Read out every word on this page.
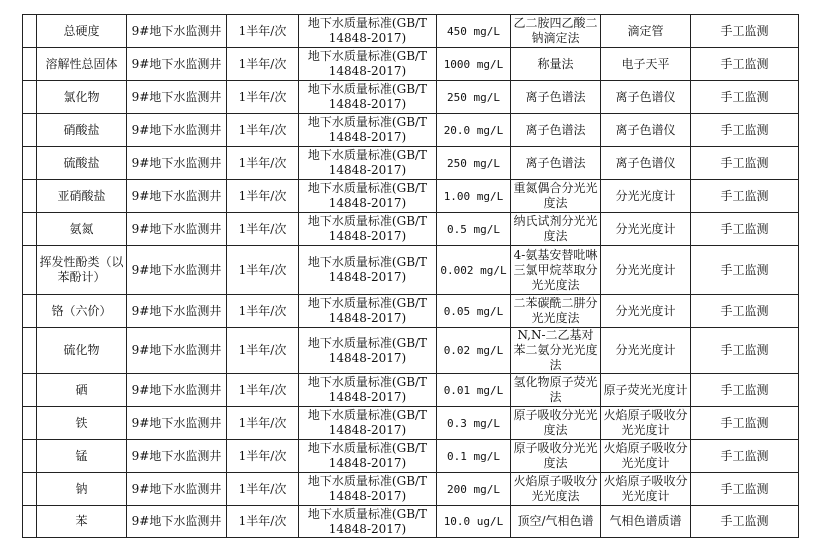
	总硬度	9#地下水监测井	1半年/次	地下水质量标准(GB/T 14848-2017)	450 mg/L	乙二胺四乙酸二钠滴定法	滴定管	手工监测
	溶解性总固体	9#地下水监测井	1半年/次	地下水质量标准(GB/T 14848-2017)	1000 mg/L	称量法	电子天平	手工监测
	氯化物	9#地下水监测井	1半年/次	地下水质量标准(GB/T 14848-2017)	250 mg/L	离子色谱法	离子色谱仪	手工监测
	硝酸盐	9#地下水监测井	1半年/次	地下水质量标准(GB/T 14848-2017)	20.0 mg/L	离子色谱法	离子色谱仪	手工监测
	硫酸盐	9#地下水监测井	1半年/次	地下水质量标准(GB/T 14848-2017)	250 mg/L	离子色谱法	离子色谱仪	手工监测
	亚硝酸盐	9#地下水监测井	1半年/次	地下水质量标准(GB/T 14848-2017)	1.00 mg/L	重氮偶合分光光度法	分光光度计	手工监测
	氨氮	9#地下水监测井	1半年/次	地下水质量标准(GB/T 14848-2017)	0.5 mg/L	纳氏试剂分光光度法	分光光度计	手工监测
	挥发性酚类（以苯酚计）	9#地下水监测井	1半年/次	地下水质量标准(GB/T 14848-2017)	0.002 mg/L	4-氨基安替吡啉三氯甲烷萃取分光光度法	分光光度计	手工监测
	铬（六价）	9#地下水监测井	1半年/次	地下水质量标准(GB/T 14848-2017)	0.05 mg/L	二苯碳酰二肼分光光度法	分光光度计	手工监测
	硫化物	9#地下水监测井	1半年/次	地下水质量标准(GB/T 14848-2017)	0.02 mg/L	N,N-二乙基对苯二氨分光光度法	分光光度计	手工监测
	硒	9#地下水监测井	1半年/次	地下水质量标准(GB/T 14848-2017)	0.01 mg/L	氢化物原子荧光法	原子荧光光度计	手工监测
	铁	9#地下水监测井	1半年/次	地下水质量标准(GB/T 14848-2017)	0.3 mg/L	原子吸收分光光度法	火焰原子吸收分光光度计	手工监测
	锰	9#地下水监测井	1半年/次	地下水质量标准(GB/T 14848-2017)	0.1 mg/L	原子吸收分光光度法	火焰原子吸收分光光度计	手工监测
	钠	9#地下水监测井	1半年/次	地下水质量标准(GB/T 14848-2017)	200 mg/L	火焰原子吸收分光光度法	火焰原子吸收分光光度计	手工监测
	苯	9#地下水监测井	1半年/次	地下水质量标准(GB/T 14848-2017)	10.0 ug/L	顶空/气相色谱	气相色谱质谱	手工监测
